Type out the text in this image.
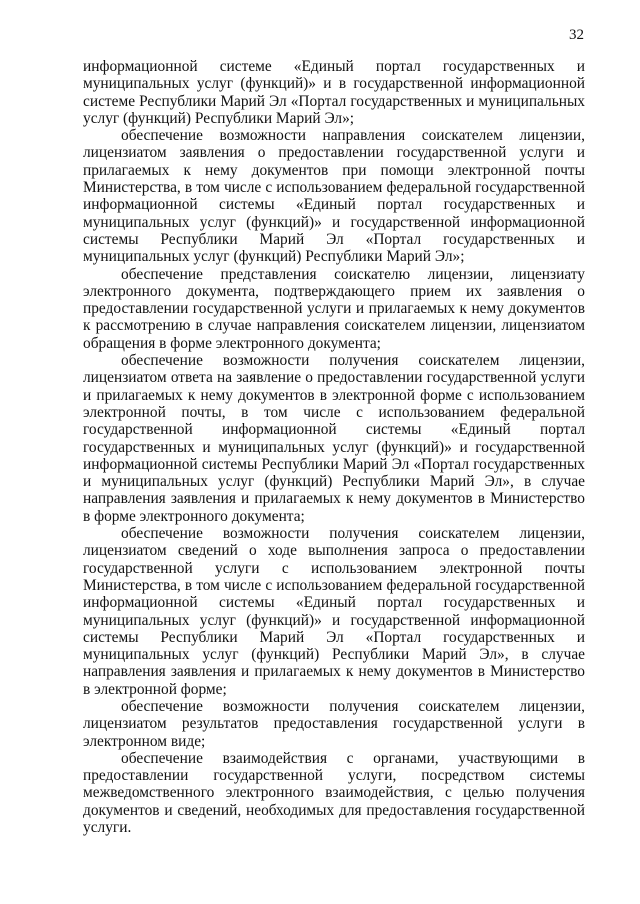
32

информационной системе «Единый портал государственных и муниципальных услуг (функций)» и в государственной информационной системе Республики Марий Эл «Портал государственных и муниципальных услуг (функций) Республики Марий Эл»;

обеспечение возможности направления соискателем лицензии, лицензиатом заявления о предоставлении государственной услуги и прилагаемых к нему документов при помощи электронной почты Министерства, в том числе с использованием федеральной государственной информационной системы «Единый портал государственных и муниципальных услуг (функций)» и государственной информационной системы Республики Марий Эл «Портал государственных и муниципальных услуг (функций) Республики Марий Эл»;

обеспечение представления соискателю лицензии, лицензиату электронного документа, подтверждающего прием их заявления о предоставлении государственной услуги и прилагаемых к нему документов к рассмотрению в случае направления соискателем лицензии, лицензиатом обращения в форме электронного документа;

обеспечение возможности получения соискателем лицензии, лицензиатом ответа на заявление о предоставлении государственной услуги и прилагаемых к нему документов в электронной форме с использованием электронной почты, в том числе с использованием федеральной государственной информационной системы «Единый портал государственных и муниципальных услуг (функций)» и государственной информационной системы Республики Марий Эл «Портал государственных и муниципальных услуг (функций) Республики Марий Эл», в случае направления заявления и прилагаемых к нему документов в Министерство в форме электронного документа;

обеспечение возможности получения соискателем лицензии, лицензиатом сведений о ходе выполнения запроса о предоставлении государственной услуги с использованием электронной почты Министерства, в том числе с использованием федеральной государственной информационной системы «Единый портал государственных и муниципальных услуг (функций)» и государственной информационной системы Республики Марий Эл «Портал государственных и муниципальных услуг (функций) Республики Марий Эл», в случае направления заявления и прилагаемых к нему документов в Министерство в электронной форме;

обеспечение возможности получения соискателем лицензии, лицензиатом результатов предоставления государственной услуги в электронном виде;

обеспечение взаимодействия с органами, участвующими в предоставлении государственной услуги, посредством системы межведомственного электронного взаимодействия, с целью получения документов и сведений, необходимых для предоставления государственной услуги.
